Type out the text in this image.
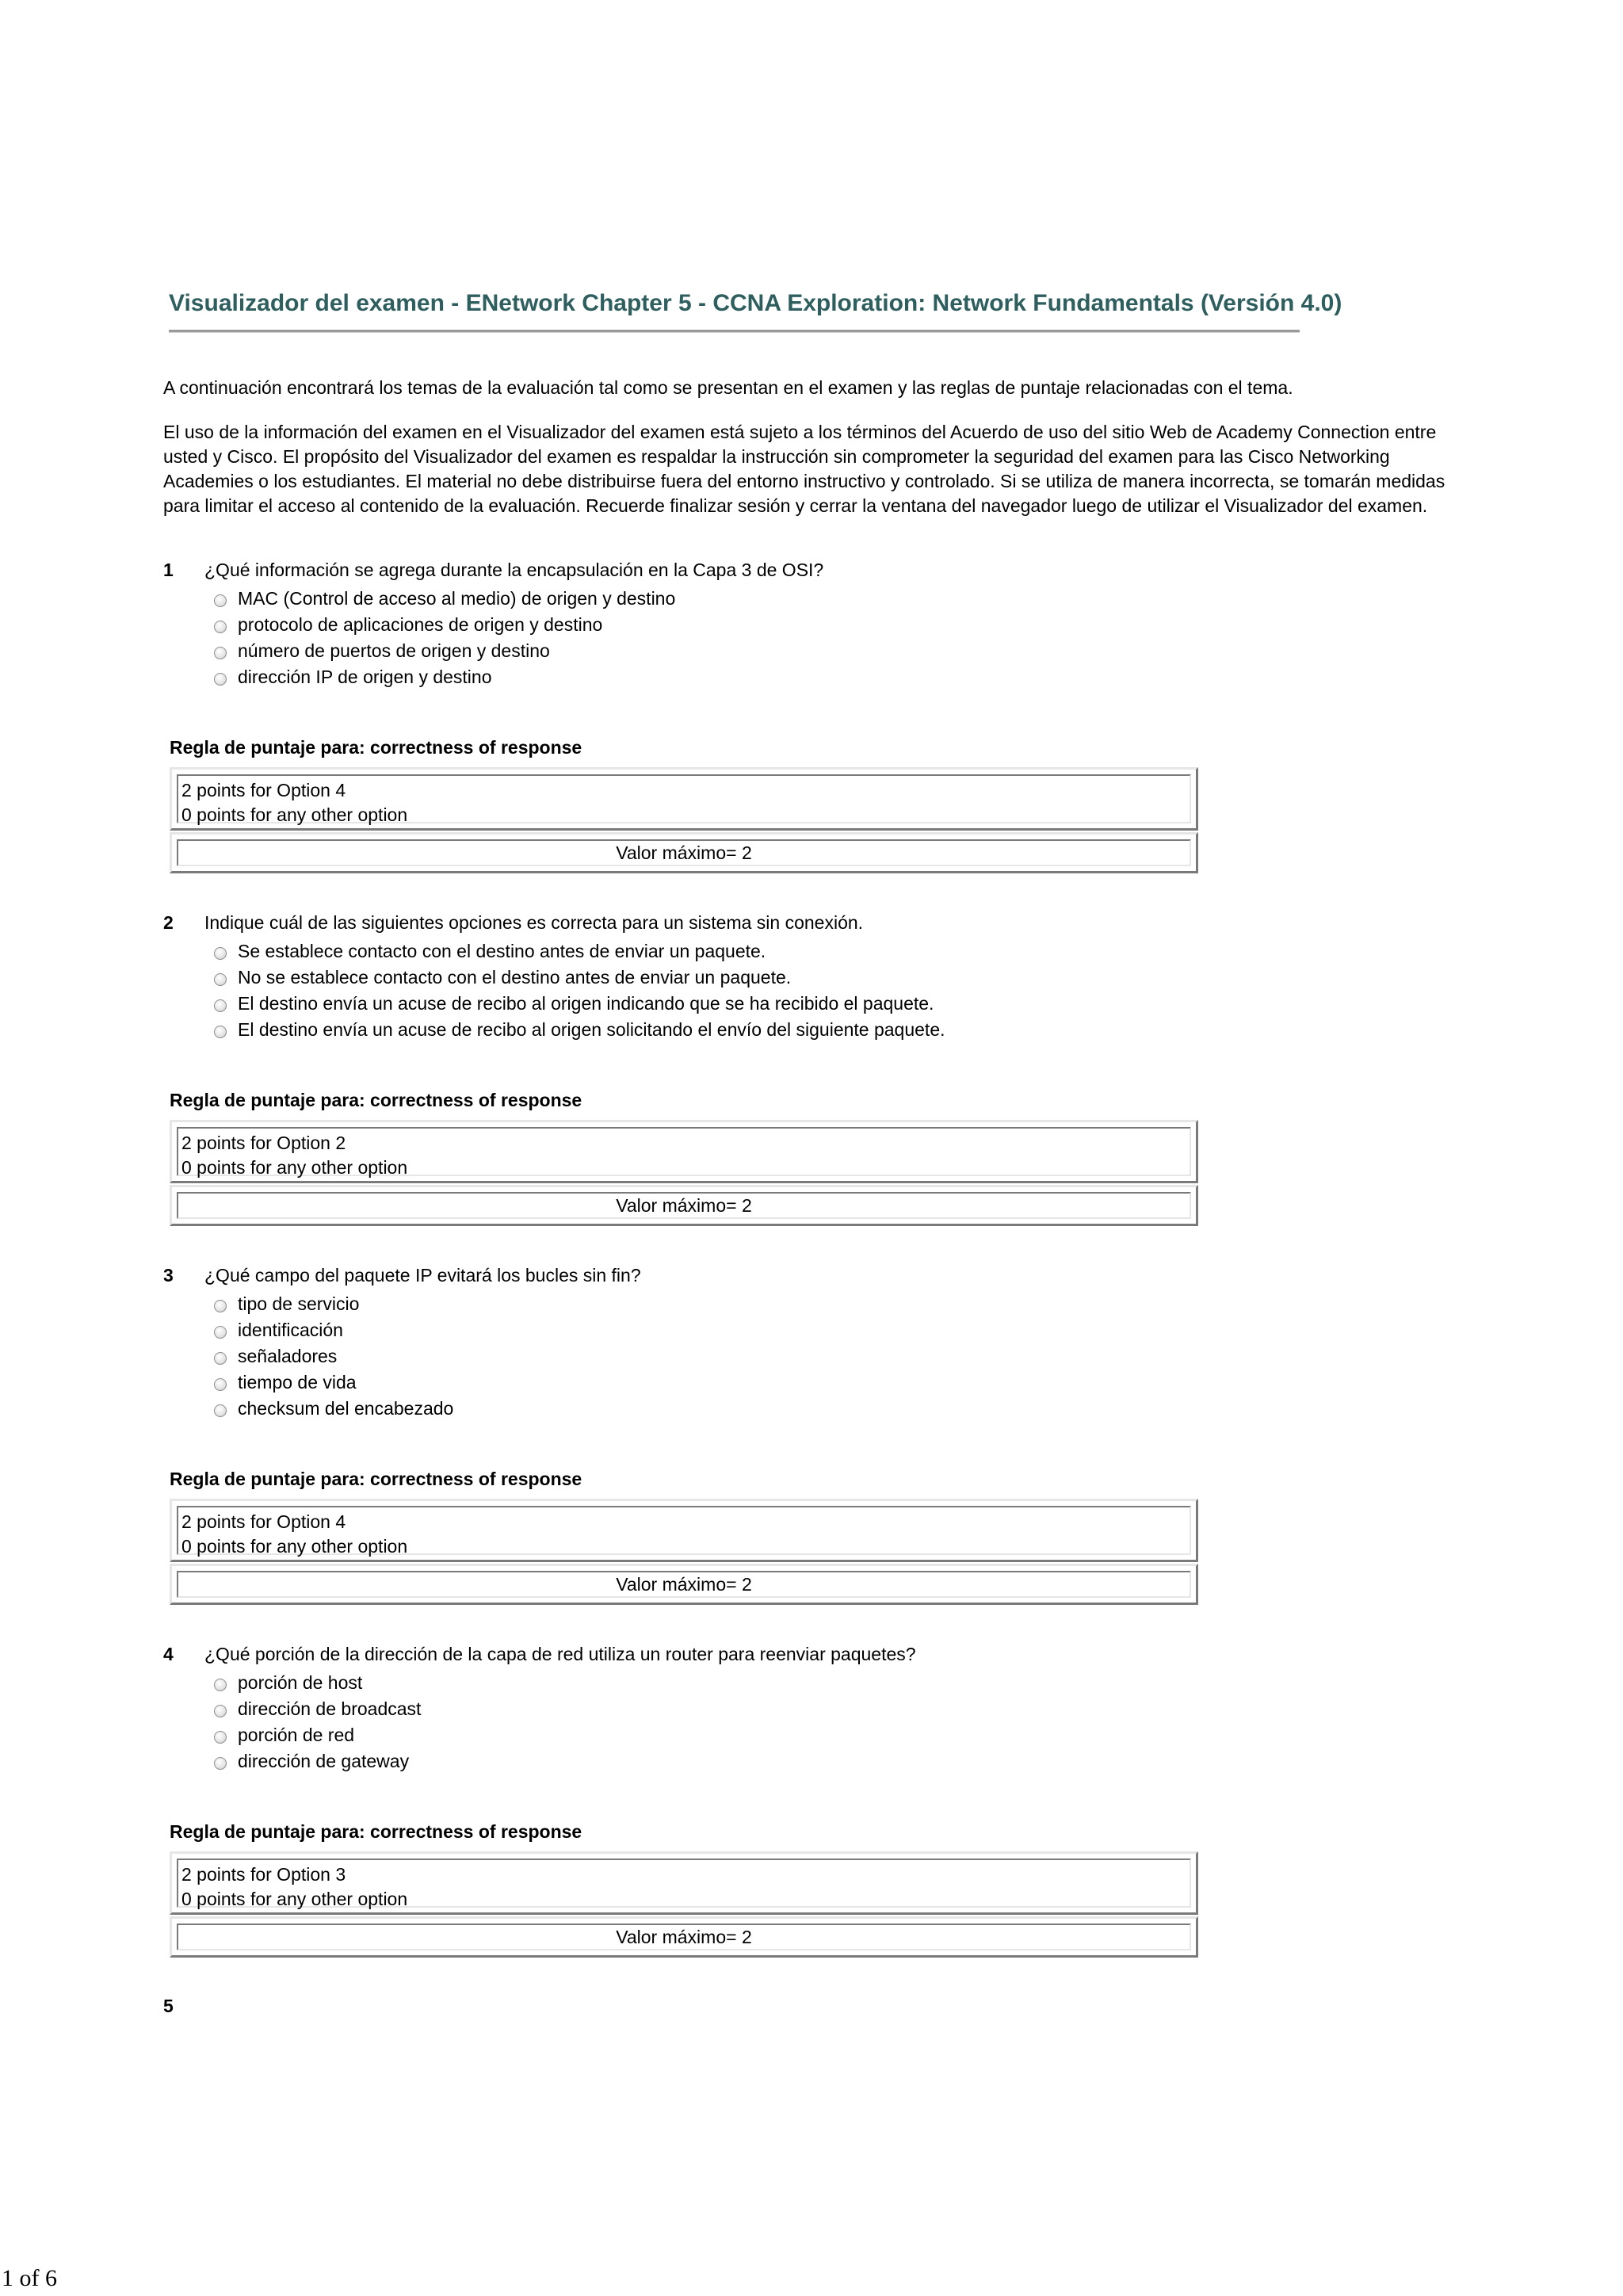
Visualizador del examen - ENetwork Chapter 5 - CCNA Exploration: Network Fundamentals (Versión 4.0)
A continuación encontrará los temas de la evaluación tal como se presentan en el examen y las reglas de puntaje relacionadas con el tema.
El uso de la información del examen en el Visualizador del examen está sujeto a los términos del Acuerdo de uso del sitio Web de Academy Connection entre usted y Cisco. El propósito del Visualizador del examen es respaldar la instrucción sin comprometer la seguridad del examen para las Cisco Networking Academies o los estudiantes. El material no debe distribuirse fuera del entorno instructivo y controlado. Si se utiliza de manera incorrecta, se tomarán medidas para limitar el acceso al contenido de la evaluación. Recuerde finalizar sesión y cerrar la ventana del navegador luego de utilizar el Visualizador del examen.
1 ¿Qué información se agrega durante la encapsulación en la Capa 3 de OSI?
MAC (Control de acceso al medio) de origen y destino
protocolo de aplicaciones de origen y destino
número de puertos de origen y destino
dirección IP de origen y destino
Regla de puntaje para: correctness of response
2 points for Option 4
0 points for any other option
Valor máximo= 2
2 Indique cuál de las siguientes opciones es correcta para un sistema sin conexión.
Se establece contacto con el destino antes de enviar un paquete.
No se establece contacto con el destino antes de enviar un paquete.
El destino envía un acuse de recibo al origen indicando que se ha recibido el paquete.
El destino envía un acuse de recibo al origen solicitando el envío del siguiente paquete.
Regla de puntaje para: correctness of response
2 points for Option 2
0 points for any other option
Valor máximo= 2
3 ¿Qué campo del paquete IP evitará los bucles sin fin?
tipo de servicio
identificación
señaladores
tiempo de vida
checksum del encabezado
Regla de puntaje para: correctness of response
2 points for Option 4
0 points for any other option
Valor máximo= 2
4 ¿Qué porción de la dirección de la capa de red utiliza un router para reenviar paquetes?
porción de host
dirección de broadcast
porción de red
dirección de gateway
Regla de puntaje para: correctness of response
2 points for Option 3
0 points for any other option
Valor máximo= 2
5
1 of 6
